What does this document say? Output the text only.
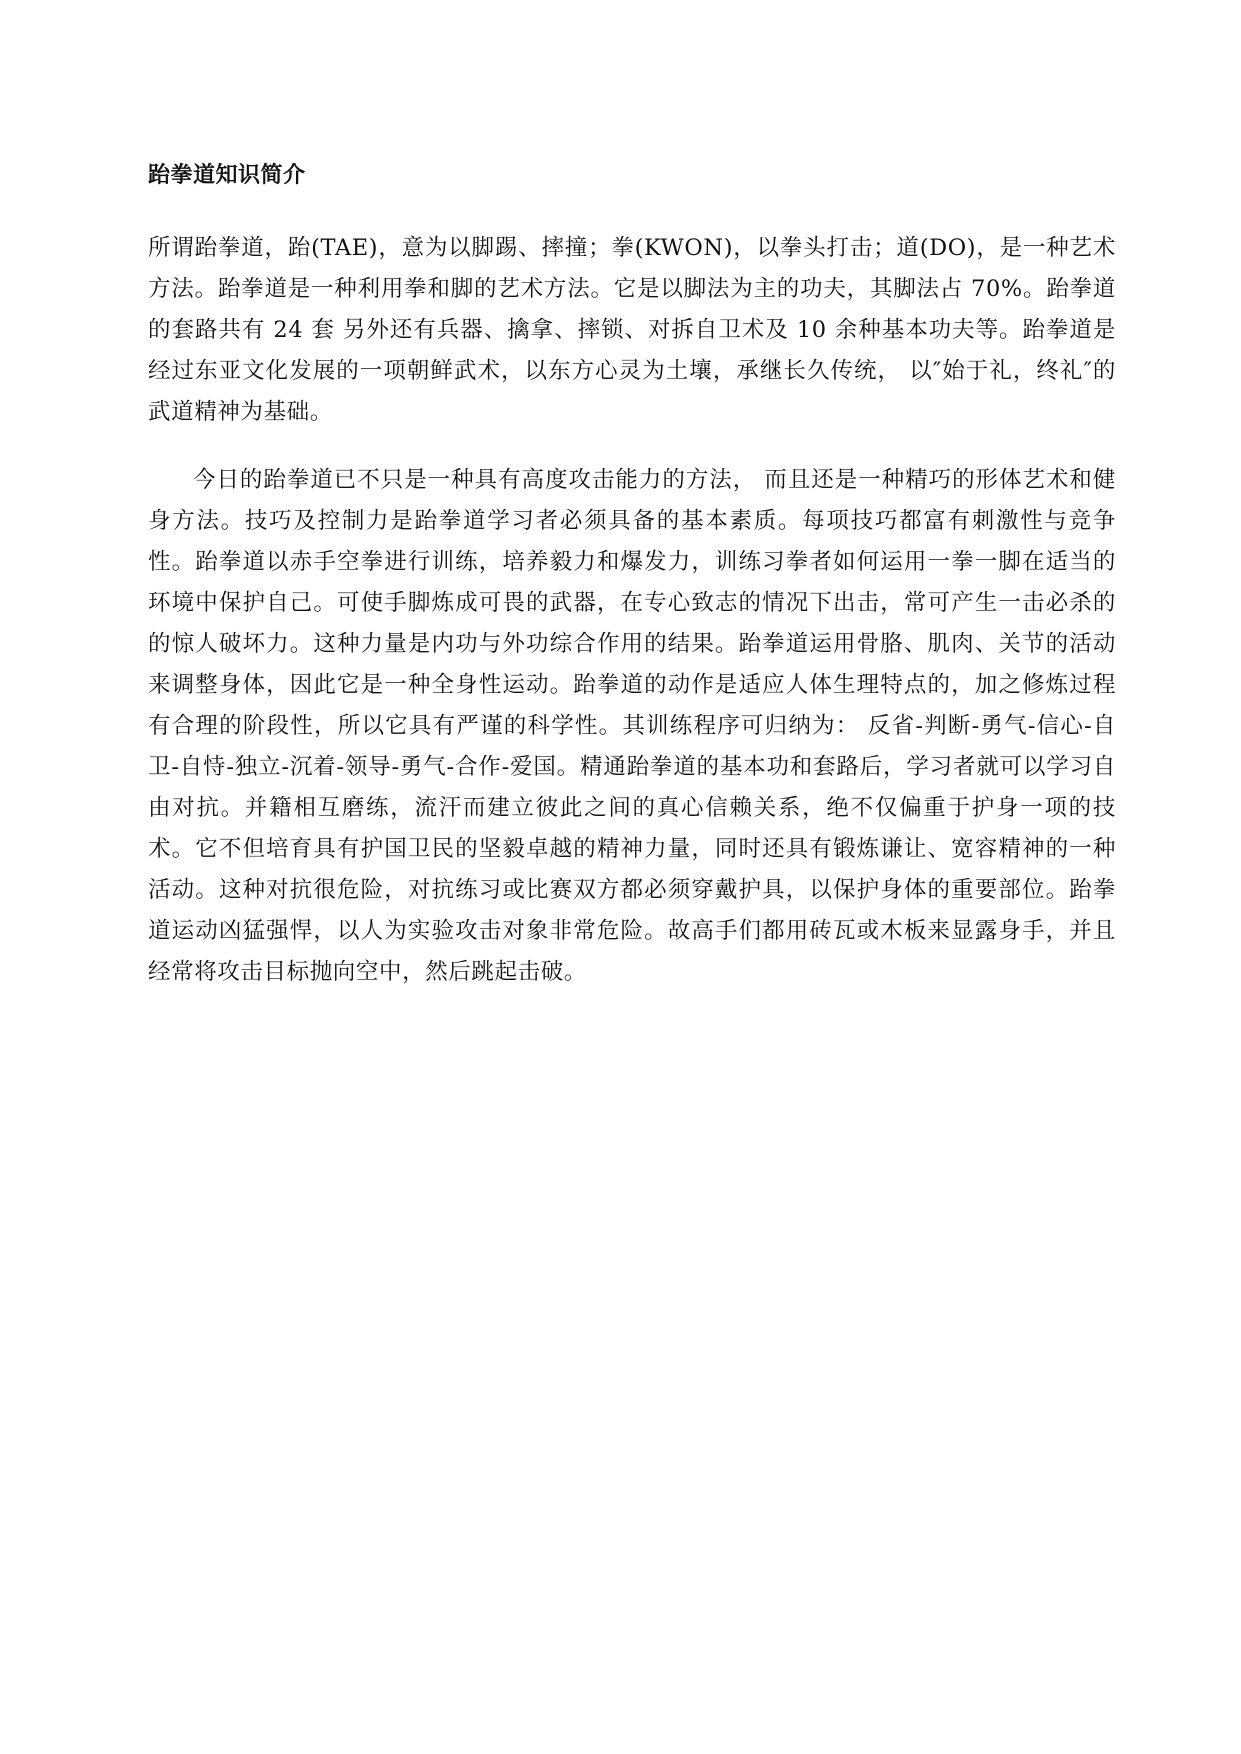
跆拳道知识简介

所谓跆拳道，跆(TAE)，意为以脚踢、摔撞；拳(KWON)，以拳头打击；道(DO)，是一种艺术方法。跆拳道是一种利用拳和脚的艺术方法。它是以脚法为主的功夫，其脚法占 70%。跆拳道的套路共有 24 套 另外还有兵器、擒拿、摔锁、对拆自卫术及 10 余种基本功夫等。跆拳道是经过东亚文化发展的一项朝鲜武术，以东方心灵为土壤，承继长久传统， 以″始于礼，终礼″的武道精神为基础。

今日的跆拳道已不只是一种具有高度攻击能力的方法， 而且还是一种精巧的形体艺术和健身方法。技巧及控制力是跆拳道学习者必须具备的基本素质。每项技巧都富有刺激性与竞争性。跆拳道以赤手空拳进行训练，培养毅力和爆发力，训练习拳者如何运用一拳一脚在适当的环境中保护自己。可使手脚炼成可畏的武器，在专心致志的情况下出击，常可产生一击必杀的的惊人破坏力。这种力量是内功与外功综合作用的结果。跆拳道运用骨胳、肌肉、关节的活动来调整身体，因此它是一种全身性运动。跆拳道的动作是适应人体生理特点的，加之修炼过程有合理的阶段性，所以它具有严谨的科学性。其训练程序可归纳为： 反省-判断-勇气-信心-自卫-自恃-独立-沉着-领导-勇气-合作-爱国。精通跆拳道的基本功和套路后，学习者就可以学习自由对抗。并籍相互磨练，流汗而建立彼此之间的真心信赖关系，绝不仅偏重于护身一项的技术。它不但培育具有护国卫民的坚毅卓越的精神力量，同时还具有锻炼谦让、宽容精神的一种活动。这种对抗很危险，对抗练习或比赛双方都必须穿戴护具，以保护身体的重要部位。跆拳道运动凶猛强悍，以人为实验攻击对象非常危险。故高手们都用砖瓦或木板来显露身手，并且经常将攻击目标抛向空中，然后跳起击破。
